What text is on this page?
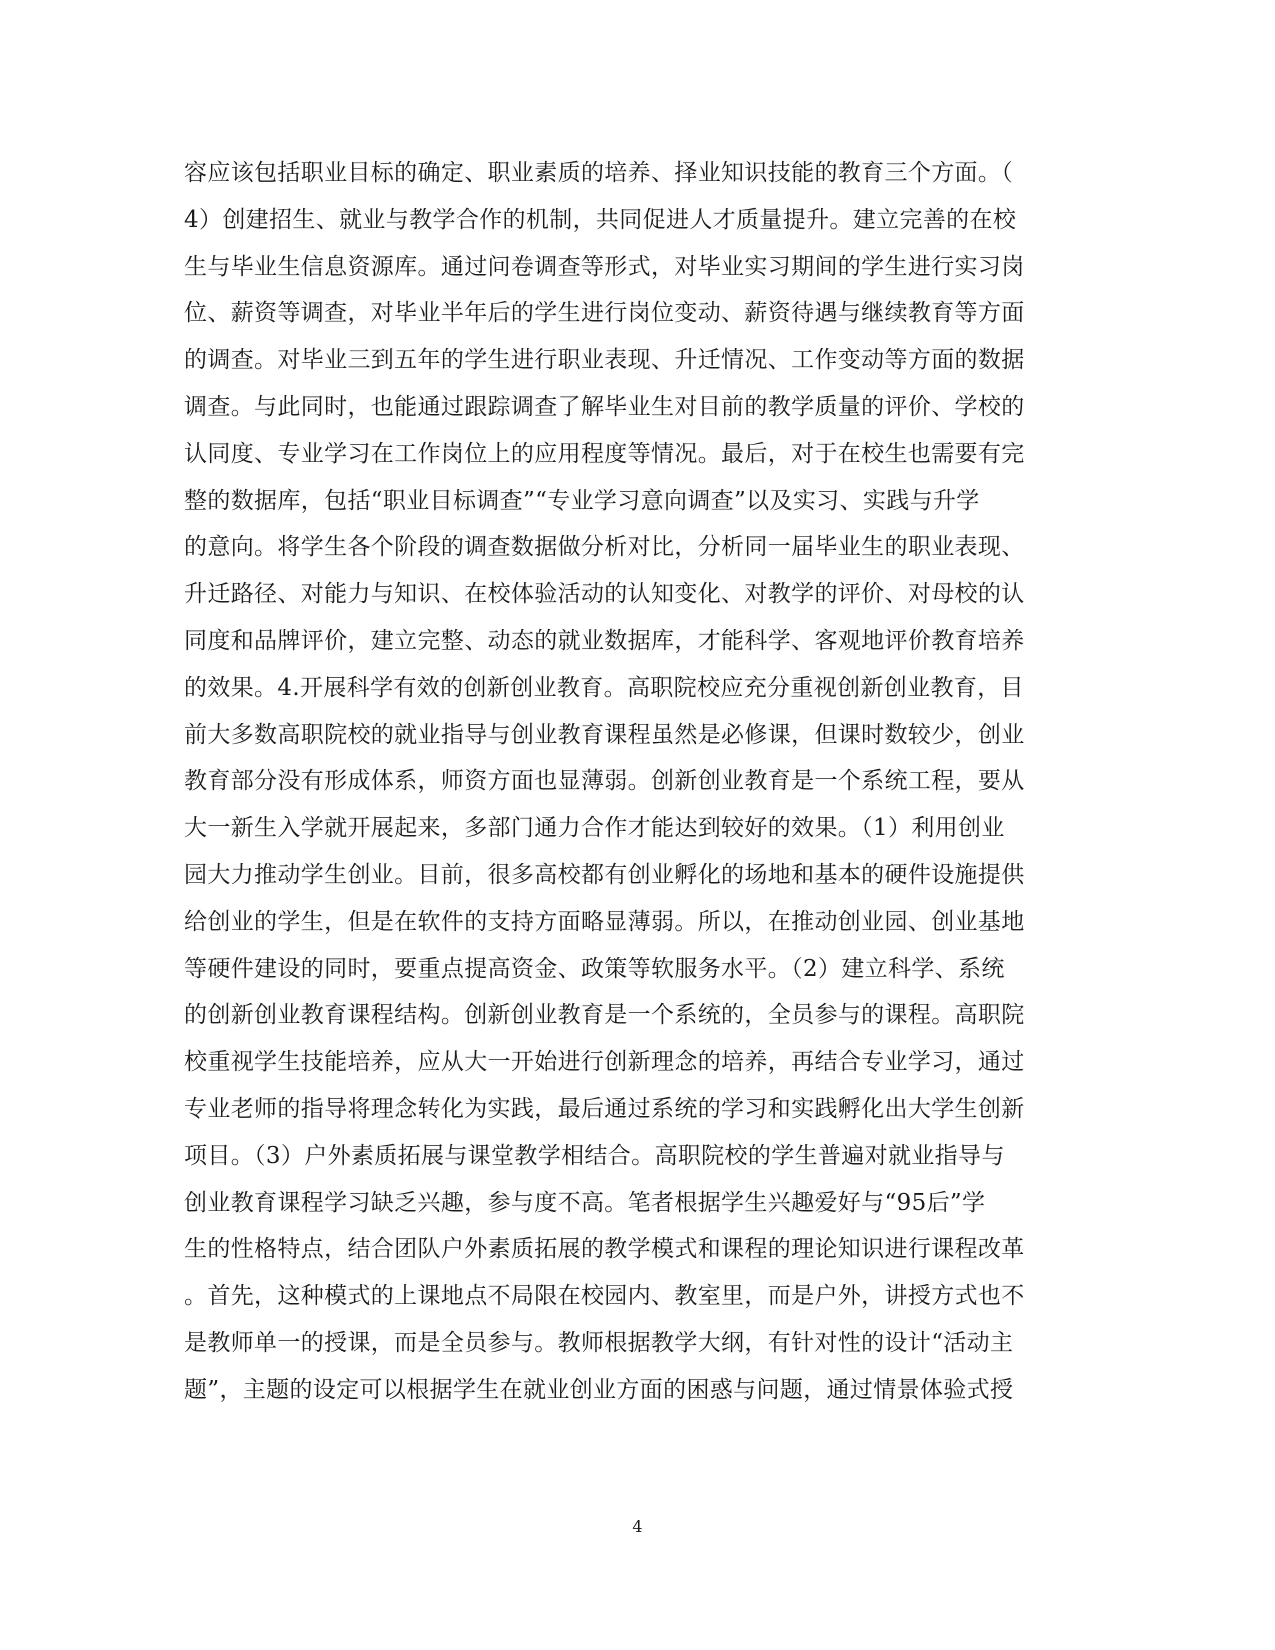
容应该包括职业目标的确定、职业素质的培养、择业知识技能的教育三个方面。（
4）创建招生、就业与教学合作的机制，共同促进人才质量提升。建立完善的在校
生与毕业生信息资源库。通过问卷调查等形式，对毕业实习期间的学生进行实习岗
位、薪资等调查，对毕业半年后的学生进行岗位变动、薪资待遇与继续教育等方面
的调查。对毕业三到五年的学生进行职业表现、升迁情况、工作变动等方面的数据
调查。与此同时，也能通过跟踪调查了解毕业生对目前的教学质量的评价、学校的
认同度、专业学习在工作岗位上的应用程度等情况。最后，对于在校生也需要有完
整的数据库，包括“职业目标调查”“专业学习意向调查”以及实习、实践与升学
的意向。将学生各个阶段的调查数据做分析对比，分析同一届毕业生的职业表现、
升迁路径、对能力与知识、在校体验活动的认知变化、对教学的评价、对母校的认
同度和品牌评价，建立完整、动态的就业数据库，才能科学、客观地评价教育培养
的效果。4.开展科学有效的创新创业教育。高职院校应充分重视创新创业教育，目
前大多数高职院校的就业指导与创业教育课程虽然是必修课，但课时数较少，创业
教育部分没有形成体系，师资方面也显薄弱。创新创业教育是一个系统工程，要从
大一新生入学就开展起来，多部门通力合作才能达到较好的效果。（1）利用创业
园大力推动学生创业。目前，很多高校都有创业孵化的场地和基本的硬件设施提供
给创业的学生，但是在软件的支持方面略显薄弱。所以，在推动创业园、创业基地
等硬件建设的同时，要重点提高资金、政策等软服务水平。（2）建立科学、系统
的创新创业教育课程结构。创新创业教育是一个系统的，全员参与的课程。高职院
校重视学生技能培养，应从大一开始进行创新理念的培养，再结合专业学习，通过
专业老师的指导将理念转化为实践，最后通过系统的学习和实践孵化出大学生创新
项目。（3）户外素质拓展与课堂教学相结合。高职院校的学生普遍对就业指导与
创业教育课程学习缺乏兴趣，参与度不高。笔者根据学生兴趣爱好与“95后”学
生的性格特点，结合团队户外素质拓展的教学模式和课程的理论知识进行课程改革
。首先，这种模式的上课地点不局限在校园内、教室里，而是户外，讲授方式也不
是教师单一的授课，而是全员参与。教师根据教学大纲，有针对性的设计“活动主
题”，主题的设定可以根据学生在就业创业方面的困惑与问题，通过情景体验式授
4
